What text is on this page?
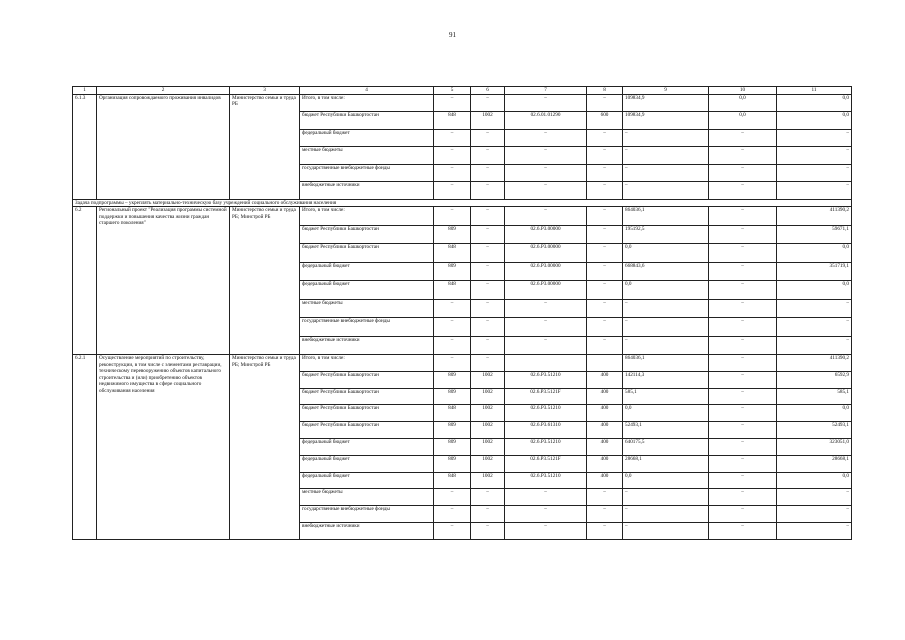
91
1	2	3	4	5	6	7	8	9	10	11
6.1.3	Организация сопровождаемого проживания инвалидов	Министерство семьи и труда РБ	Итого, в том числе:	–	–	–	–	109834,9	0,0	0,0
			бюджет Республики Башкортостан	848	1002	02.6.01.01290	600	109834,9	0,0	0,0
			федеральный бюджет	–	–	–	–	–	–	–
			местные бюджеты	–	–	–	–	–	–	–
			государственные внебюджетные фонды	–	–	–	–	–	–	–
			внебюджетные источники	–	–	–	–	–	–	–
Задача подпрограммы – укреплять материально-техническую базу учреждений социального обслуживания населения										
6.2	Региональный проект "Реализация программы системной поддержки и повышения качества жизни граждан старшего поколения"	Министерство семьи и труда РБ; Минстрой РБ	Итого, в том числе:	–	–	–	–	864036,1	–	411390,2
			бюджет Республики Башкортостан	809	–	02.6.P3.00000	–	195192,5	–	59671,1
			бюджет Республики Башкортостан	848	–	02.6.P3.00000	–	0,0	–	0,0
			федеральный бюджет	809	–	02.6.P3.00000	–	668843,6	–	351719,1
			федеральный бюджет	848	–	02.6.P3.00000	–	0,0	–	0,0
			местные бюджеты	–	–	–	–	–	–	–
			государственные внебюджетные фонды	–	–	–	–	–	–	–
			внебюджетные источники	–	–	–	–	–	–	–
6.2.1	Осуществление мероприятий по строительству, реконструкции, в том числе с элементами реставрации, техническому перевооружению объектов капитального строительства и (или) приобретению объектов недвижимого имущества в сфере социального обслуживания населения	Министерство семьи и труда РБ; Минстрой РБ	Итого, в том числе:	–	–			864036,1	–	411390,2
			бюджет Республики Башкортостан	809	1002	02.6.P3.51210	400	142114,3	–	6592,9
			бюджет Республики Башкортостан	809	1002	02.6.P3.5121F	400	585,1	–	585,1
			бюджет Республики Башкортостан	848	1002	02.6.P3.51210	400	0,0	–	0,0
			бюджет Республики Башкортостан	809	1002	02.6.P3.61310	400	52493,1	–	52493,1
			федеральный бюджет	809	1002	02.6.P3.51210	400	640175,5	–	323051,0
			федеральный бюджет	809	1002	02.6.P3.5121F	400	28668,1	–	28668,1
			федеральный бюджет	848	1002	02.6.P3.51210	400	0,0	–	0,0
			местные бюджеты	–	–	–	–	–	–	–
			государственные внебюджетные фонды	–	–	–	–	–	–	–
			внебюджетные источники	–	–	–	–	–	–	–
